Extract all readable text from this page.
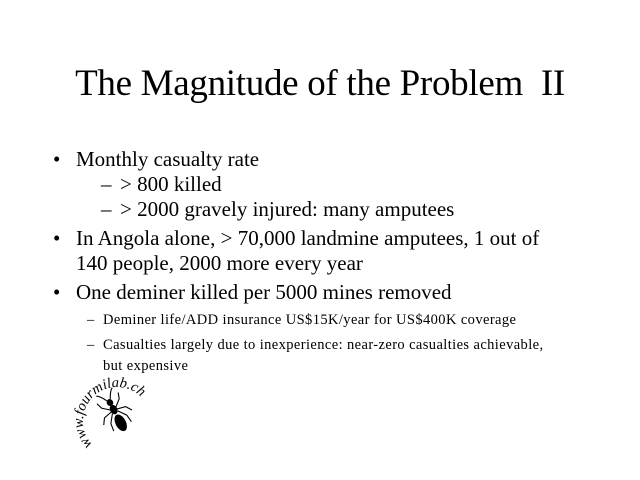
The Magnitude of the Problem  II
• Monthly casualty rate
– > 800 killed
– > 2000 gravely injured: many amputees
• In Angola alone, > 70,000 landmine amputees, 1 out of
140 people, 2000 more every year
• One deminer killed per 5000 mines removed
– Deminer life/ADD insurance US$15K/year for US$400K coverage
– Casualties largely due to inexperience: near-zero casualties achievable,
but expensive
www.fourmilab.ch
